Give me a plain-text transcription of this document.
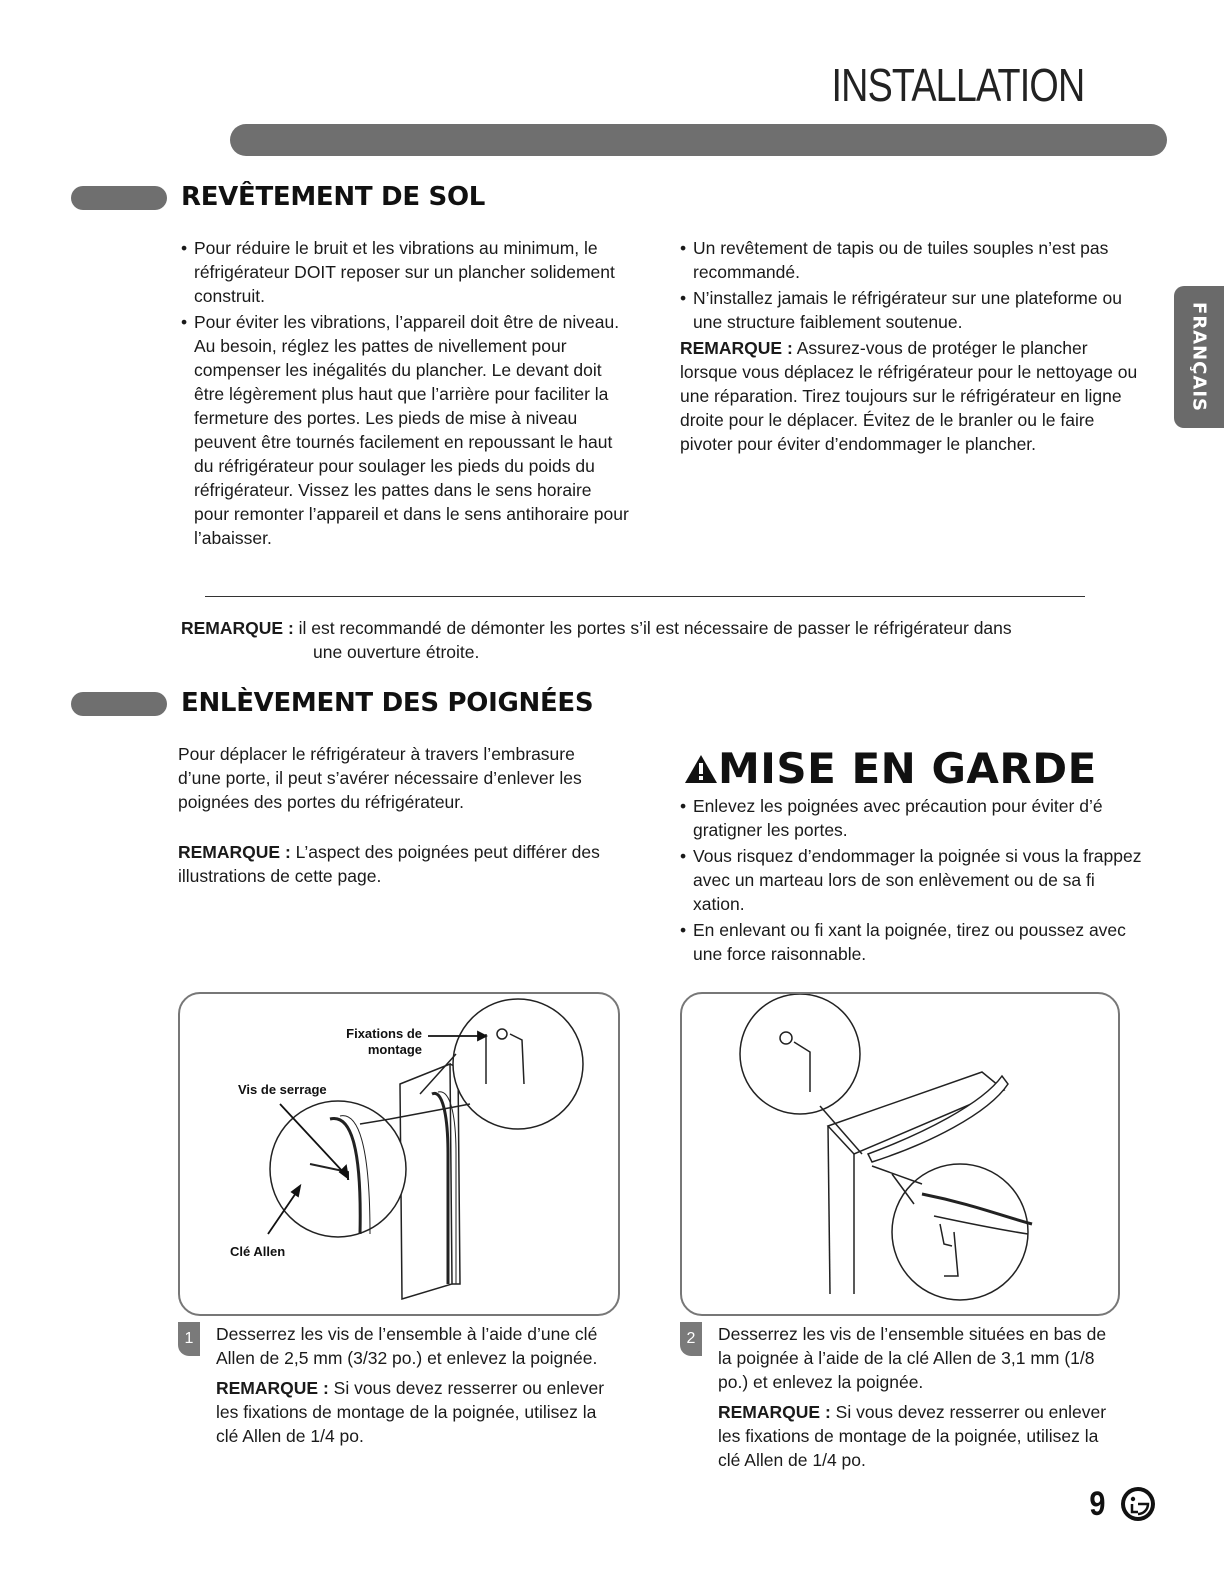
INSTALLATION
FRANÇAIS
REVÊTEMENT DE SOL
• Pour réduire le bruit et les vibrations au minimum, le réfrigérateur DOIT reposer sur un plancher solidement construit.
• Pour éviter les vibrations, l’appareil doit être de niveau. Au besoin, réglez les pattes de nivellement pour compenser les inégalités du plancher. Le devant doit être légèrement plus haut que l’arrière pour faciliter la fermeture des portes. Les pieds de mise à niveau peuvent être tournés facilement en repoussant le haut du réfrigérateur pour soulager les pieds du poids du réfrigérateur. Vissez les pattes dans le sens horaire pour remonter l’appareil et dans le sens antihoraire pour l’abaisser.
• Un revêtement de tapis ou de tuiles souples n’est pas recommandé.
• N’installez jamais le réfrigérateur sur une plateforme ou une structure faiblement soutenue.
REMARQUE : Assurez-vous de protéger le plancher lorsque vous déplacez le réfrigérateur pour le nettoyage ou une réparation. Tirez toujours sur le réfrigérateur en ligne droite pour le déplacer. Évitez de le branler ou le faire pivoter pour éviter d’endommager le plancher.
REMARQUE : il est recommandé de démonter les portes s’il est nécessaire de passer le réfrigérateur dans
une ouverture étroite.
ENLÈVEMENT DES POIGNÉES
Pour déplacer le réfrigérateur à travers l’embrasure d’une porte, il peut s’avérer nécessaire d’enlever les poignées des portes du réfrigérateur.
REMARQUE : L’aspect des poignées peut différer des illustrations de cette page.
MISE EN GARDE
• Enlevez les poignées avec précaution pour éviter d’é gratigner les portes.
• Vous risquez d’endommager la poignée si vous la frappez avec un marteau lors de son enlèvement ou de sa fi xation.
• En enlevant ou fi xant la poignée, tirez ou poussez avec une force raisonnable.
Fixations de montage
Vis de serrage
Clé Allen
1	Desserrez les vis de l’ensemble à l’aide d’une clé Allen de 2,5 mm (3/32 po.) et enlevez la poignée.
REMARQUE : Si vous devez resserrer ou enlever les fixations de montage de la poignée, utilisez la clé Allen de 1/4 po.
2	Desserrez les vis de l’ensemble situées en bas de la poignée à l’aide de la clé Allen de 3,1 mm (1/8 po.) et enlevez la poignée.
REMARQUE : Si vous devez resserrer ou enlever les fixations de montage de la poignée, utilisez la clé Allen de 1/4 po.
9
